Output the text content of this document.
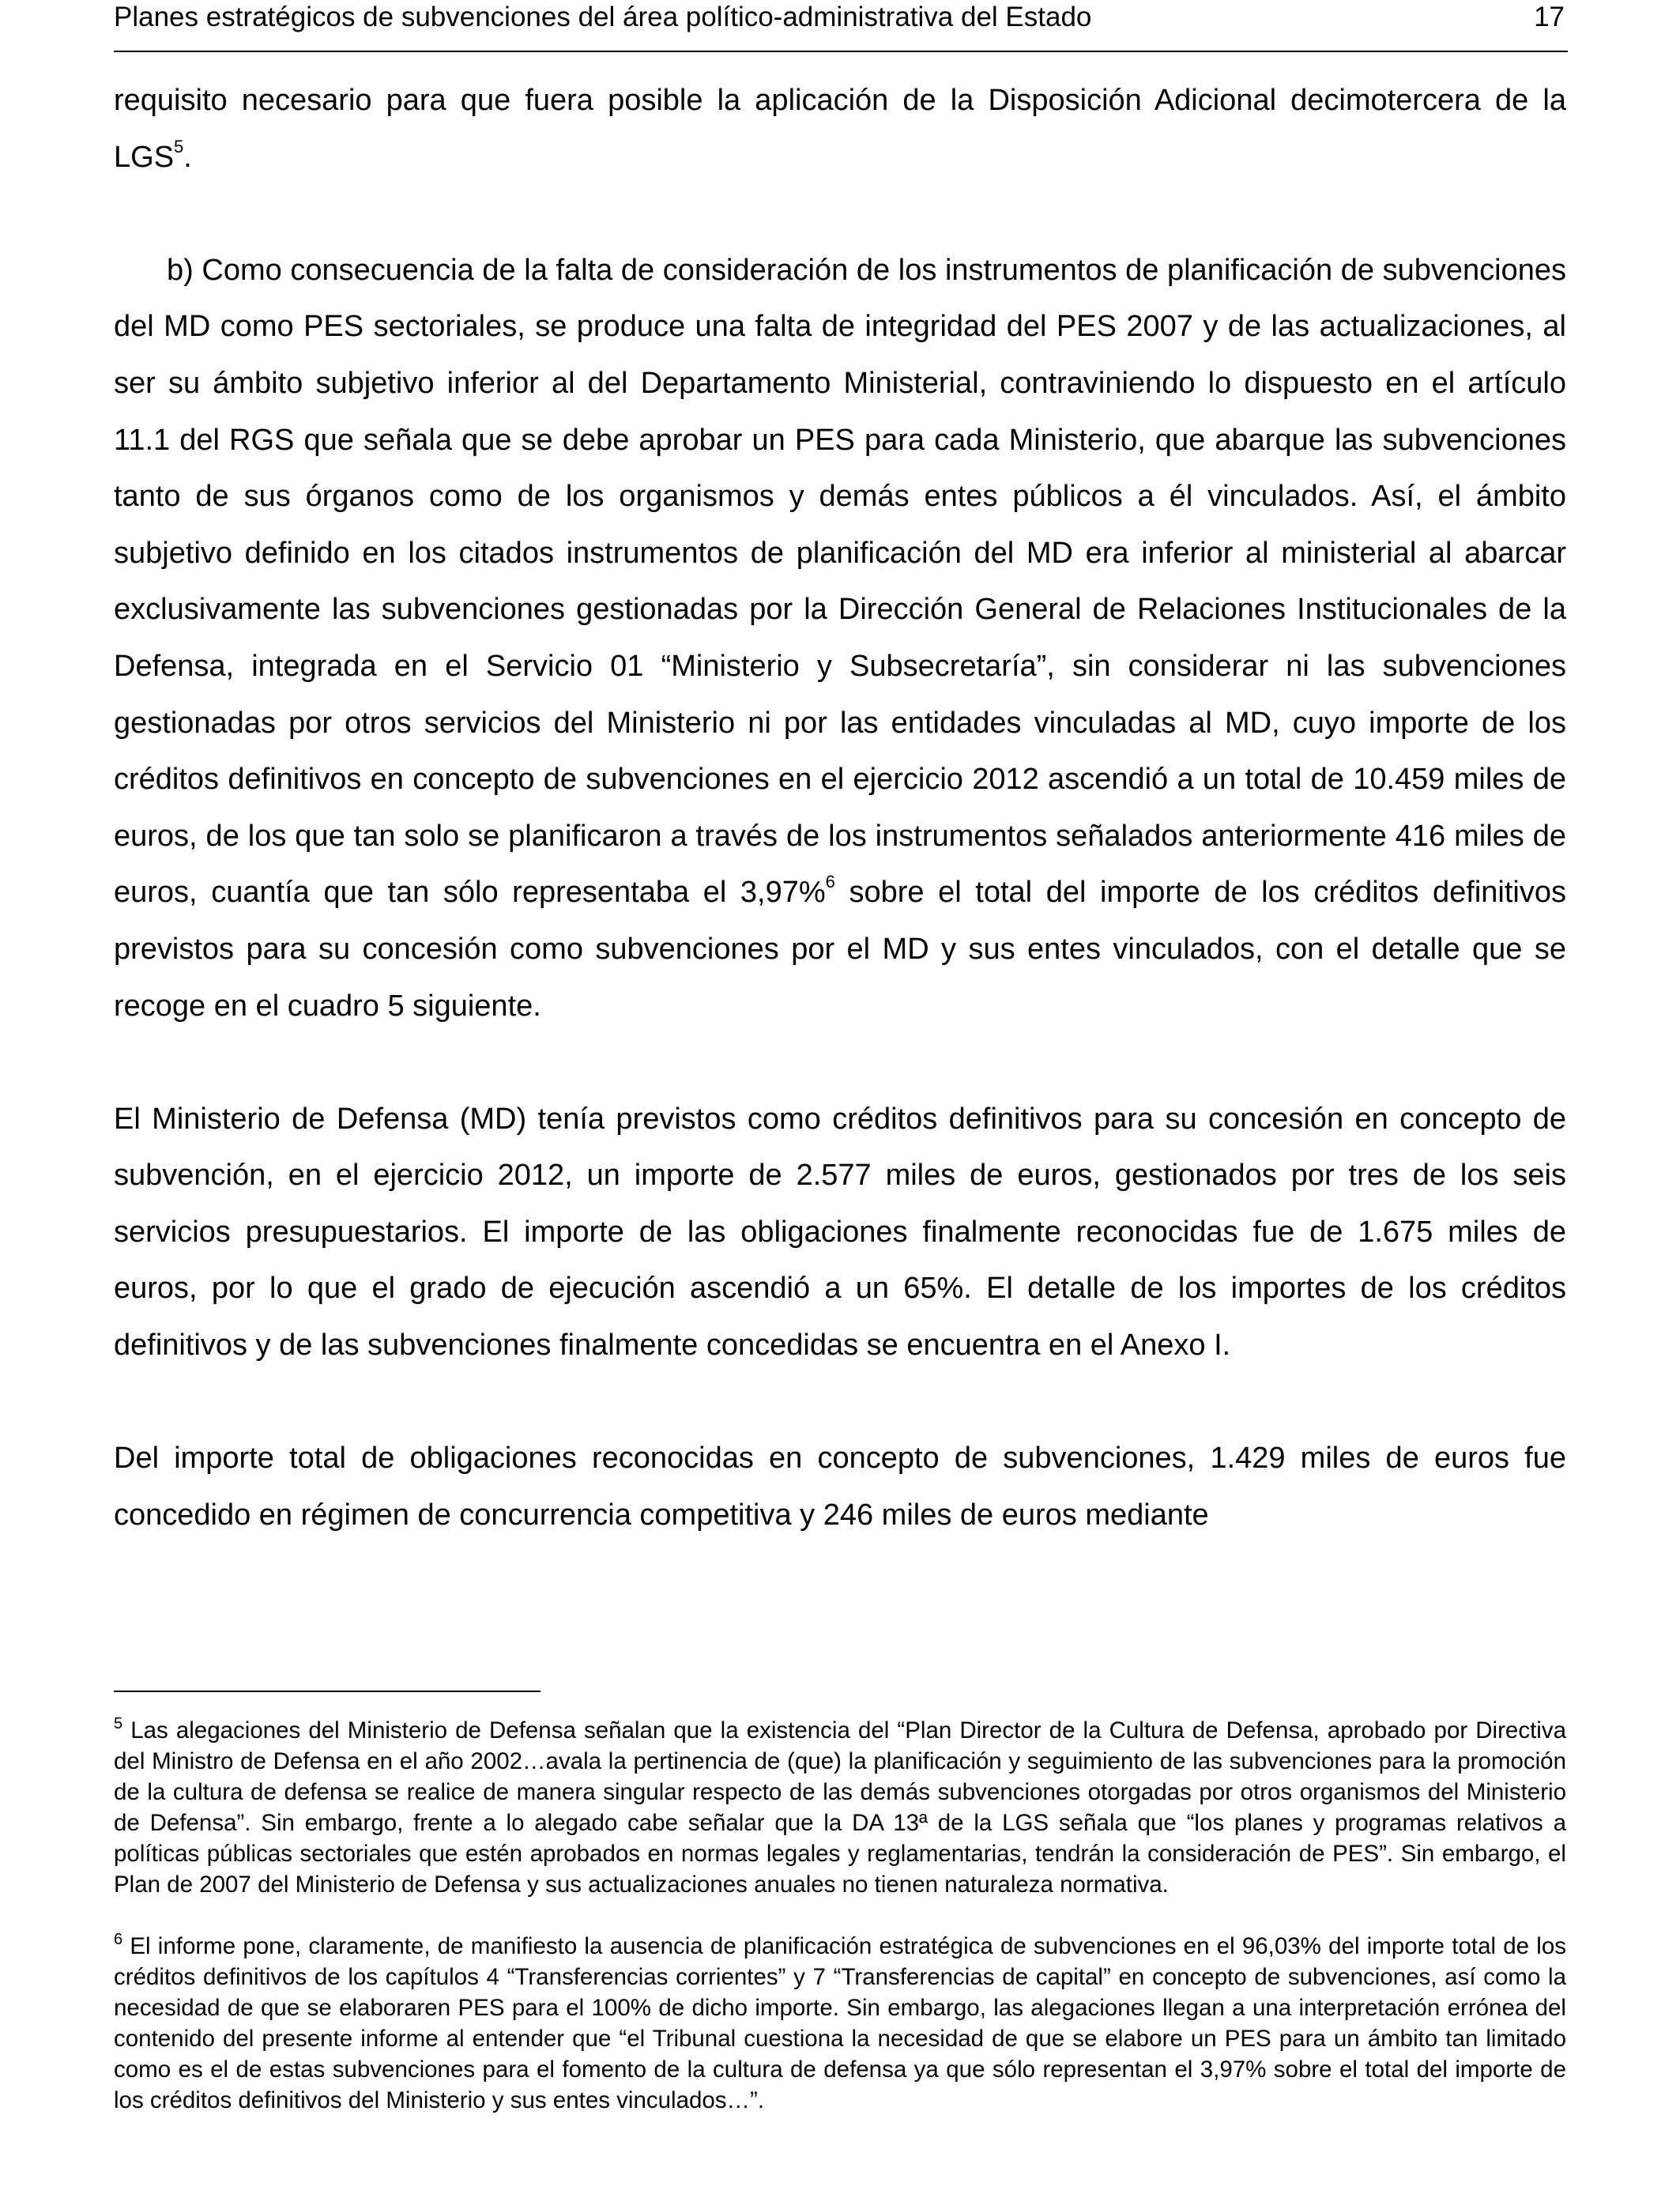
Planes estratégicos de subvenciones del área político-administrativa del Estado	17

requisito necesario para que fuera posible la aplicación de la Disposición Adicional decimotercera de la LGS$^5$.

b) Como consecuencia de la falta de consideración de los instrumentos de planificación de subvenciones del MD como PES sectoriales, se produce una falta de integridad del PES 2007 y de las actualizaciones, al ser su ámbito subjetivo inferior al del Departamento Ministerial, contraviniendo lo dispuesto en el artículo 11.1 del RGS que señala que se debe aprobar un PES para cada Ministerio, que abarque las subvenciones tanto de sus órganos como de los organismos y demás entes públicos a él vinculados. Así, el ámbito subjetivo definido en los citados instrumentos de planificación del MD era inferior al ministerial al abarcar exclusivamente las subvenciones gestionadas por la Dirección General de Relaciones Institucionales de la Defensa, integrada en el Servicio 01 “Ministerio y Subsecretaría”, sin considerar ni las subvenciones gestionadas por otros servicios del Ministerio ni por las entidades vinculadas al MD, cuyo importe de los créditos definitivos en concepto de subvenciones en el ejercicio 2012 ascendió a un total de 10.459 miles de euros, de los que tan solo se planificaron a través de los instrumentos señalados anteriormente 416 miles de euros, cuantía que tan sólo representaba el 3,97%$^6$ sobre el total del importe de los créditos definitivos previstos para su concesión como subvenciones por el MD y sus entes vinculados, con el detalle que se recoge en el cuadro 5 siguiente.

El Ministerio de Defensa (MD) tenía previstos como créditos definitivos para su concesión en concepto de subvención, en el ejercicio 2012, un importe de 2.577 miles de euros, gestionados por tres de los seis servicios presupuestarios. El importe de las obligaciones finalmente reconocidas fue de 1.675 miles de euros, por lo que el grado de ejecución ascendió a un 65%. El detalle de los importes de los créditos definitivos y de las subvenciones finalmente concedidas se encuentra en el Anexo I.

Del importe total de obligaciones reconocidas en concepto de subvenciones, 1.429 miles de euros fue concedido en régimen de concurrencia competitiva y 246 miles de euros mediante

$^5$ Las alegaciones del Ministerio de Defensa señalan que la existencia del “Plan Director de la Cultura de Defensa, aprobado por Directiva del Ministro de Defensa en el año 2002…avala la pertinencia de (que) la planificación y seguimiento de las subvenciones para la promoción de la cultura de defensa se realice de manera singular respecto de las demás subvenciones otorgadas por otros organismos del Ministerio de Defensa”. Sin embargo, frente a lo alegado cabe señalar que la DA 13ª de la LGS señala que “los planes y programas relativos a políticas públicas sectoriales que estén aprobados en normas legales y reglamentarias, tendrán la consideración de PES”. Sin embargo, el Plan de 2007 del Ministerio de Defensa y sus actualizaciones anuales no tienen naturaleza normativa.

$^6$ El informe pone, claramente, de manifiesto la ausencia de planificación estratégica de subvenciones en el 96,03% del importe total de los créditos definitivos de los capítulos 4 “Transferencias corrientes” y 7 “Transferencias de capital” en concepto de subvenciones, así como la necesidad de que se elaboraren PES para el 100% de dicho importe. Sin embargo, las alegaciones llegan a una interpretación errónea del contenido del presente informe al entender que “el Tribunal cuestiona la necesidad de que se elabore un PES para un ámbito tan limitado como es el de estas subvenciones para el fomento de la cultura de defensa ya que sólo representan el 3,97% sobre el total del importe de los créditos definitivos del Ministerio y sus entes vinculados…”.
